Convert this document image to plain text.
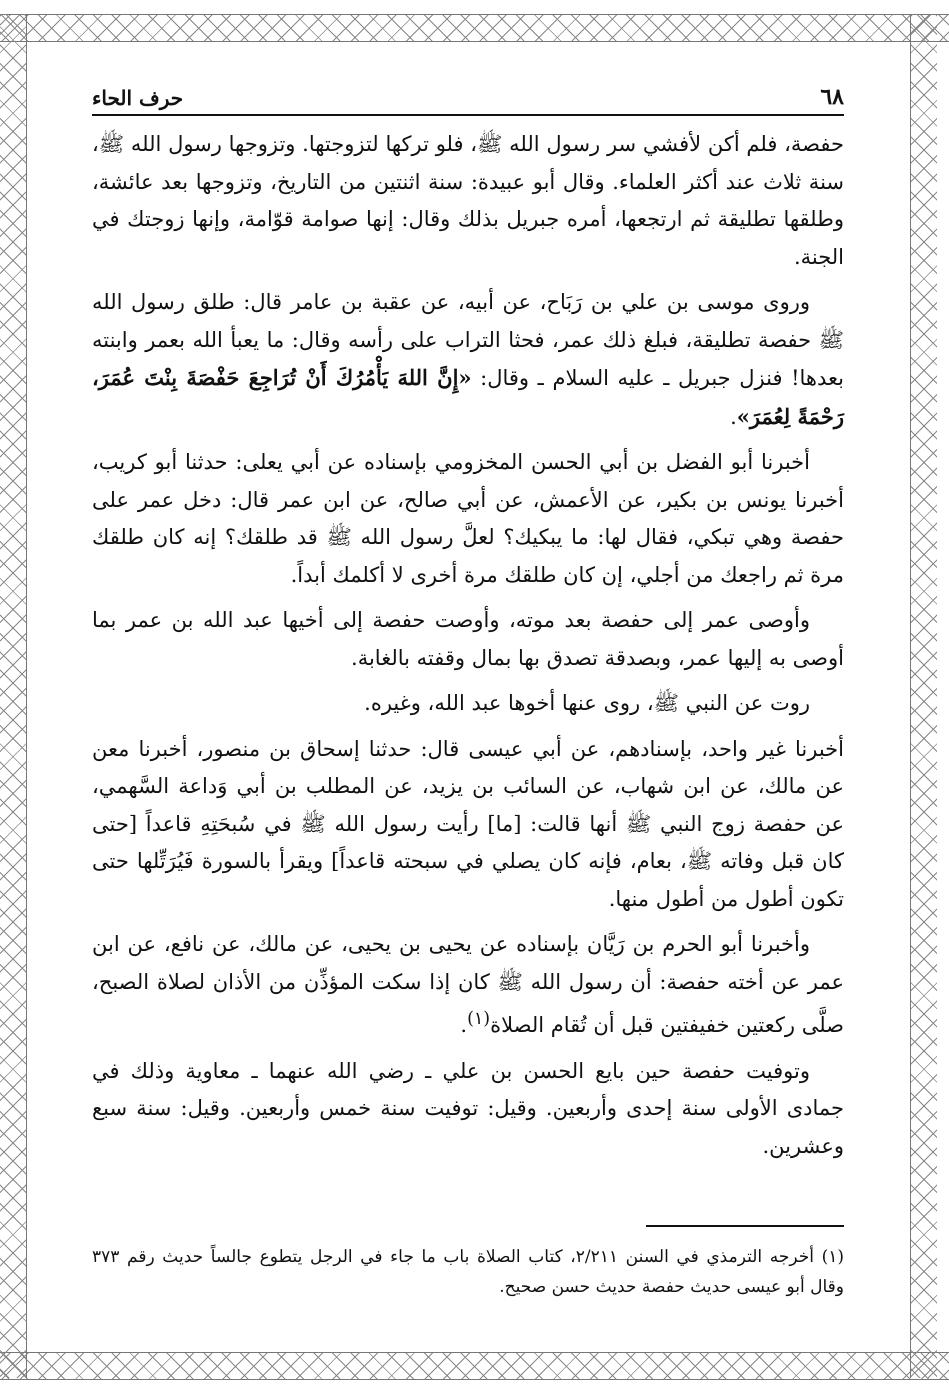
٦٨
حرف الحاء

حفصة، فلم أكن لأفشي سر رسول الله ﷺ، فلو تركها لتزوجتها. وتزوجها رسول الله ﷺ، سنة ثلاث عند أكثر العلماء. وقال أبو عبيدة: سنة اثنتين من التاريخ، وتزوجها بعد عائشة، وطلقها تطليقة ثم ارتجعها، أمره جبريل بذلك وقال: إنها صوامة قوّامة، وإنها زوجتك في الجنة.

وروى موسى بن علي بن رَبَاح، عن أبيه، عن عقبة بن عامر قال: طلق رسول الله ﷺ حفصة تطليقة، فبلغ ذلك عمر، فحثا التراب على رأسه وقال: ما يعبأ الله بعمر وابنته بعدها! فنزل جبريل ـ عليه السلام ـ وقال: «إِنَّ اللهَ يَأْمُرُكَ أَنْ تُرَاجِعَ حَفْصَةَ بِنْتَ عُمَرَ، رَحْمَةً لِعُمَرَ».

أخبرنا أبو الفضل بن أبي الحسن المخزومي بإسناده عن أبي يعلى: حدثنا أبو كريب، أخبرنا يونس بن بكير، عن الأعمش، عن أبي صالح، عن ابن عمر قال: دخل عمر على حفصة وهي تبكي، فقال لها: ما يبكيك؟ لعلَّ رسول الله ﷺ قد طلقك؟ إنه كان طلقك مرة ثم راجعك من أجلي، إن كان طلقك مرة أخرى لا أكلمك أبداً.

وأوصى عمر إلى حفصة بعد موته، وأوصت حفصة إلى أخيها عبد الله بن عمر بما أوصى به إليها عمر، وبصدقة تصدق بها بمال وقفته بالغابة.

روت عن النبي ﷺ، روى عنها أخوها عبد الله، وغيره.

أخبرنا غير واحد، بإسنادهم، عن أبي عيسى قال: حدثنا إسحاق بن منصور، أخبرنا معن عن مالك، عن ابن شهاب، عن السائب بن يزيد، عن المطلب بن أبي وَداعة السَّهمي، عن حفصة زوج النبي ﷺ أنها قالت: [ما] رأيت رسول الله ﷺ في سُبحَتِهِ قاعداً [حتى كان قبل وفاته ﷺ، بعام، فإنه كان يصلي في سبحته قاعداً] ويقرأ بالسورة فَيُرَتِّلها حتى تكون أطول من أطول منها.

وأخبرنا أبو الحرم بن رَيَّان بإسناده عن يحيى بن يحيى، عن مالك، عن نافع، عن ابن عمر عن أخته حفصة: أن رسول الله ﷺ كان إذا سكت المؤذِّن من الأذان لصلاة الصبح، صلَّى ركعتين خفيفتين قبل أن تُقام الصلاة$^{(١)}$.

وتوفيت حفصة حين بايع الحسن بن علي ـ رضي الله عنهما ـ معاوية وذلك في جمادى الأولى سنة إحدى وأربعين. وقيل: توفيت سنة خمس وأربعين. وقيل: سنة سبع وعشرين.

(١) أخرجه الترمذي في السنن ٢/٢١١، كتاب الصلاة باب ما جاء في الرجل يتطوع جالساً حديث رقم ٣٧٣ وقال أبو عيسى حديث حفصة حديث حسن صحيح.
